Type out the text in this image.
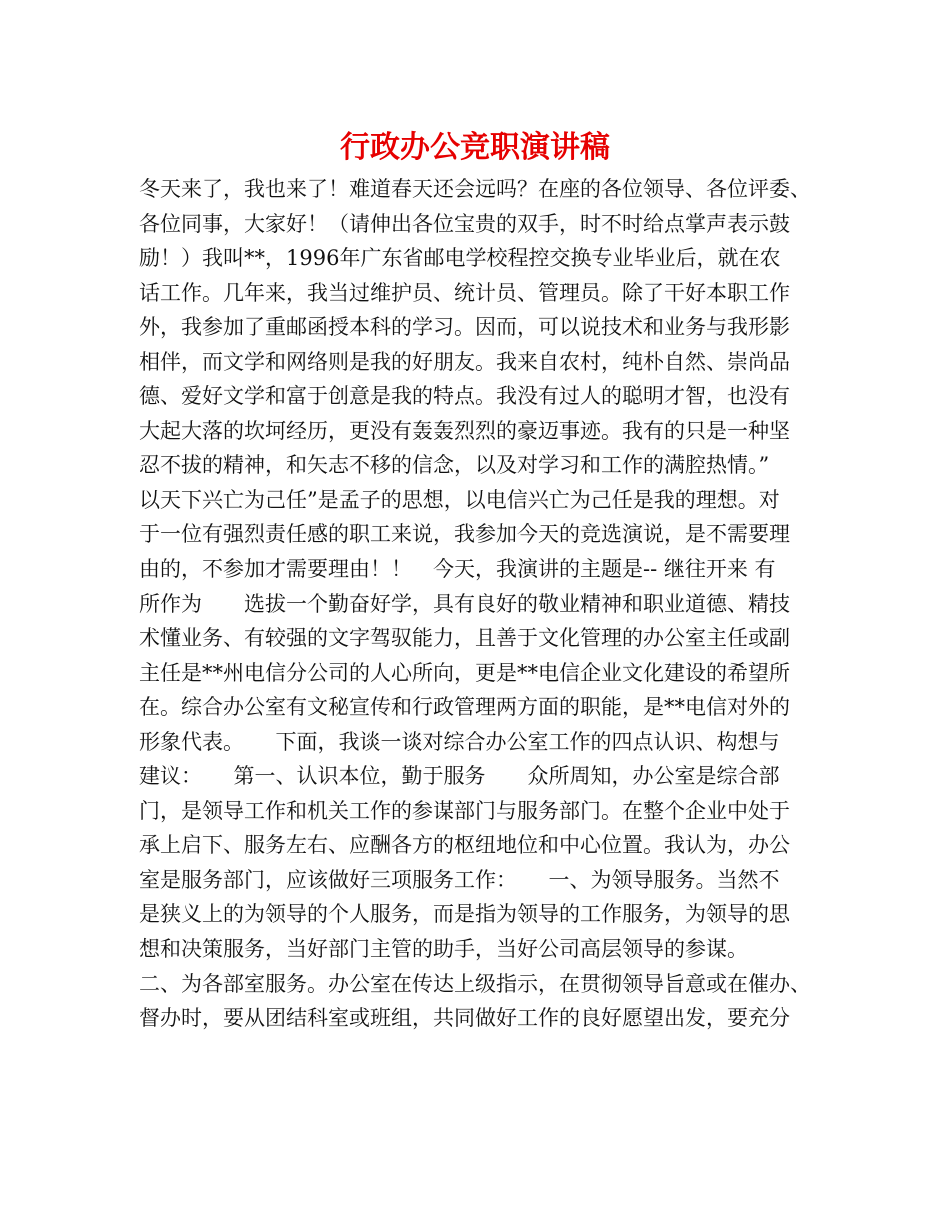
行政办公竞职演讲稿
冬天来了，我也来了！难道春天还会远吗？在座的各位领导、各位评委、
各位同事，大家好！（请伸出各位宝贵的双手，时不时给点掌声表示鼓
励！）我叫**，1996年广东省邮电学校程控交换专业毕业后，就在农
话工作。几年来，我当过维护员、统计员、管理员。除了干好本职工作
外，我参加了重邮函授本科的学习。因而，可以说技术和业务与我形影
相伴，而文学和网络则是我的好朋友。我来自农村，纯朴自然、崇尚品
德、爱好文学和富于创意是我的特点。我没有过人的聪明才智，也没有
大起大落的坎坷经历，更没有轰轰烈烈的豪迈事迹。我有的只是一种坚
忍不拔的精神，和矢志不移的信念，以及对学习和工作的满腔热情。”
以天下兴亡为己任”是孟子的思想，以电信兴亡为己任是我的理想。对
于一位有强烈责任感的职工来说，我参加今天的竞选演说，是不需要理
由的，不参加才需要理由！！　今天，我演讲的主题是-- 继往开来 有
所作为　　选拔一个勤奋好学，具有良好的敬业精神和职业道德、精技
术懂业务、有较强的文字驾驭能力，且善于文化管理的办公室主任或副
主任是**州电信分公司的人心所向，更是**电信企业文化建设的希望所
在。综合办公室有文秘宣传和行政管理两方面的职能，是**电信对外的
形象代表。　　下面，我谈一谈对综合办公室工作的四点认识、构想与
建议：　　第一、认识本位，勤于服务　　众所周知，办公室是综合部
门，是领导工作和机关工作的参谋部门与服务部门。在整个企业中处于
承上启下、服务左右、应酬各方的枢纽地位和中心位置。我认为，办公
室是服务部门，应该做好三项服务工作：　　一、为领导服务。当然不
是狭义上的为领导的个人服务，而是指为领导的工作服务，为领导的思
想和决策服务，当好部门主管的助手，当好公司高层领导的参谋。
二、为各部室服务。办公室在传达上级指示，在贯彻领导旨意或在催办、
督办时，要从团结科室或班组，共同做好工作的良好愿望出发，要充分
